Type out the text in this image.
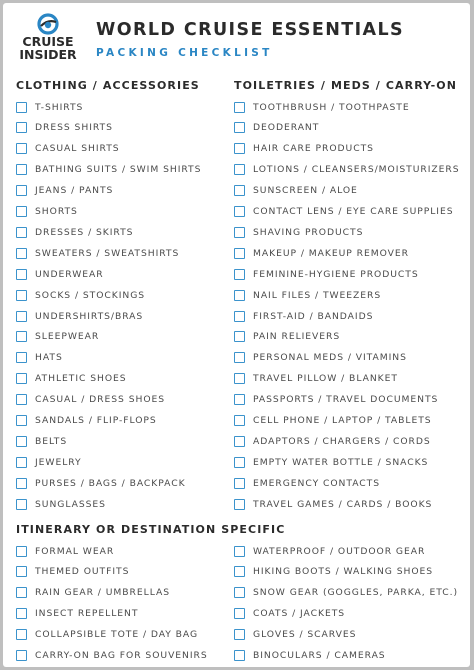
CRUISE
INSIDER
WORLD CRUISE ESSENTIALS
PACKING CHECKLIST
CLOTHING / ACCESSORIES	TOILETRIES / MEDS / CARRY-ON
T-SHIRTS
DRESS SHIRTS
CASUAL SHIRTS
BATHING SUITS / SWIM SHIRTS
JEANS / PANTS
SHORTS
DRESSES / SKIRTS
SWEATERS / SWEATSHIRTS
UNDERWEAR
SOCKS / STOCKINGS
UNDERSHIRTS/BRAS
SLEEPWEAR
HATS
ATHLETIC SHOES
CASUAL / DRESS SHOES
SANDALS / FLIP-FLOPS
BELTS
JEWELRY
PURSES / BAGS / BACKPACK
SUNGLASSES
TOOTHBRUSH / TOOTHPASTE
DEODERANT
HAIR CARE PRODUCTS
LOTIONS / CLEANSERS/MOISTURIZERS
SUNSCREEN / ALOE
CONTACT LENS / EYE CARE SUPPLIES
SHAVING PRODUCTS
MAKEUP / MAKEUP REMOVER
FEMININE-HYGIENE PRODUCTS
NAIL FILES / TWEEZERS
FIRST-AID / BANDAIDS
PAIN RELIEVERS
PERSONAL MEDS / VITAMINS
TRAVEL PILLOW / BLANKET
PASSPORTS / TRAVEL DOCUMENTS
CELL PHONE / LAPTOP / TABLETS
ADAPTORS / CHARGERS / CORDS
EMPTY WATER BOTTLE / SNACKS
EMERGENCY CONTACTS
TRAVEL GAMES / CARDS / BOOKS
ITINERARY OR DESTINATION SPECIFIC
FORMAL WEAR
THEMED OUTFITS
RAIN GEAR / UMBRELLAS
INSECT REPELLENT
COLLAPSIBLE TOTE / DAY BAG
CARRY-ON BAG FOR SOUVENIRS
WATERPROOF / OUTDOOR GEAR
HIKING BOOTS / WALKING SHOES
SNOW GEAR (GOGGLES, PARKA, ETC.)
COATS / JACKETS
GLOVES / SCARVES
BINOCULARS / CAMERAS
